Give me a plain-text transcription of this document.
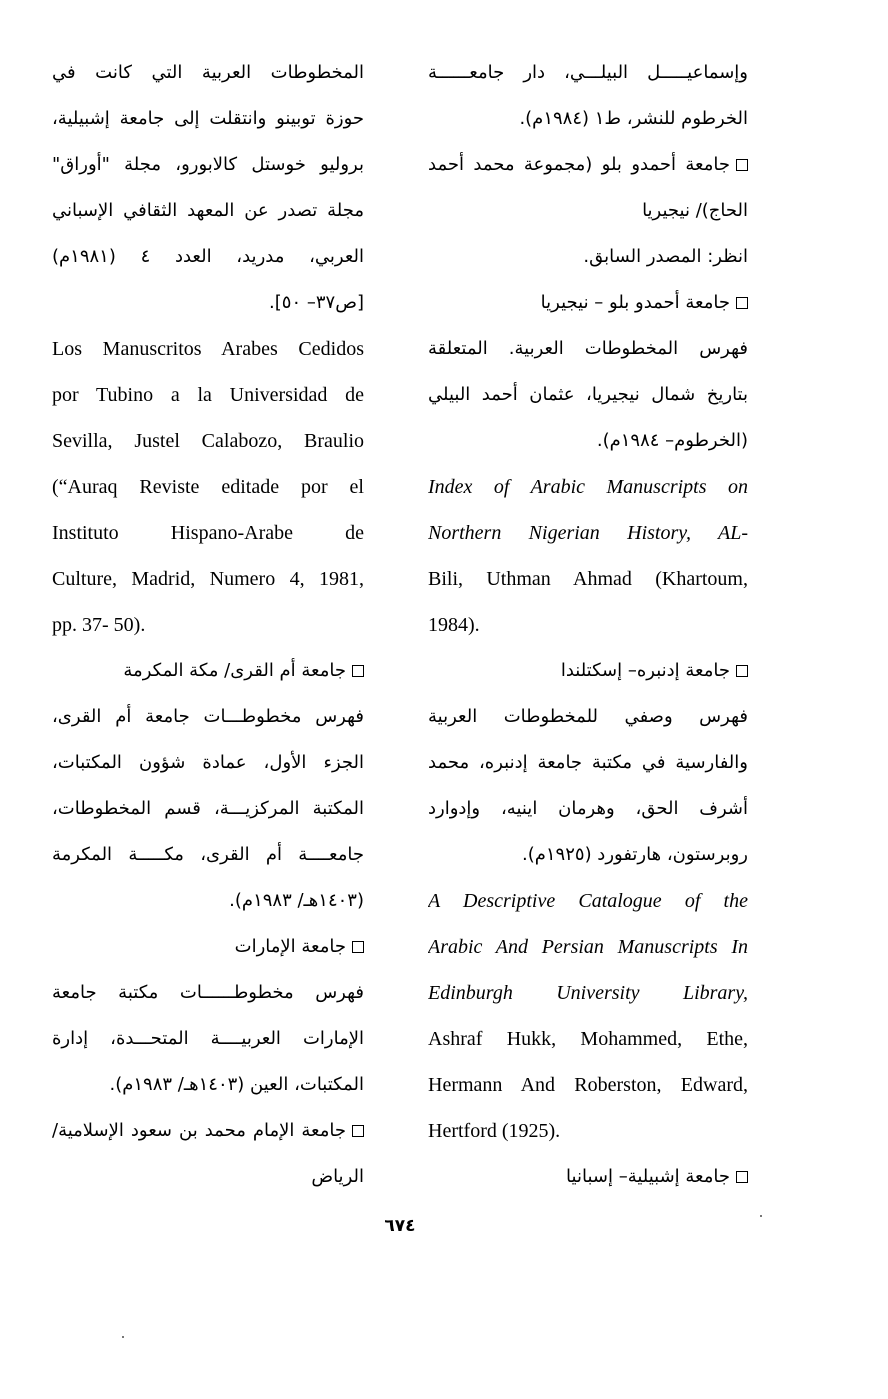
وإسماعيـــــل البيلـــي، دار جامعــــــة
الخرطوم للنشر، ط١ (١٩٨٤م).
جامعة أحمدو بلو (مجموعة محمد أحمد
الحاج)/ نيجيريا
انظر: المصدر السابق.
جامعة أحمدو بلو – نيجيريا
فهرس المخطوطات العربية. المتعلقة
بتاريخ شمال نيجيريا، عثمان أحمد البيلي
(الخرطوم– ١٩٨٤م).
Index of Arabic Manuscripts on
Northern Nigerian History, AL-
Bili, Uthman Ahmad (Khartoum,
1984).
جامعة إدنبره– إسكتلندا
فهرس وصفي للمخطوطات العربية
والفارسية في مكتبة جامعة إدنبره، محمد
أشرف الحق، وهرمان اينيه، وإدوارد
روبرستون، هارتفورد (١٩٢٥م).
A Descriptive Catalogue of the
Arabic And Persian Manuscripts In
Edinburgh University Library,
Ashraf Hukk, Mohammed, Ethe,
Hermann And Roberston, Edward,
Hertford (1925).
جامعة إشبيلية– إسبانيا
المخطوطات العربية التي كانت في
حوزة توبينو وانتقلت إلى جامعة إشبيلية،
بروليو خوستل كالابورو، مجلة "أوراق"
مجلة تصدر عن المعهد الثقافي الإسباني
العربي، مدريد، العدد ٤ (١٩٨١م)
[ص٣٧– ٥٠].
Los Manuscritos Arabes Cedidos
por Tubino a la Universidad de
Sevilla, Justel Calabozo, Braulio
(“Auraq Reviste editade por el
Instituto Hispano-Arabe de
Culture, Madrid, Numero 4, 1981,
pp. 37- 50).
جامعة أم القرى/ مكة المكرمة
فهرس مخطوطـــات جامعة أم القرى،
الجزء الأول، عمادة شؤون المكتبات،
المكتبة المركزيـــة، قسم المخطوطات،
جامعــــة أم القرى، مكـــــة المكرمة
(١٤٠٣هـ/ ١٩٨٣م).
جامعة الإمارات
فهرس مخطوطــــــات مكتبة جامعة
الإمارات العربيــــة المتحـــدة، إدارة
المكتبات، العين (١٤٠٣هـ/ ١٩٨٣م).
جامعة الإمام محمد بن سعود الإسلامية/
الرياض
٦٧٤
